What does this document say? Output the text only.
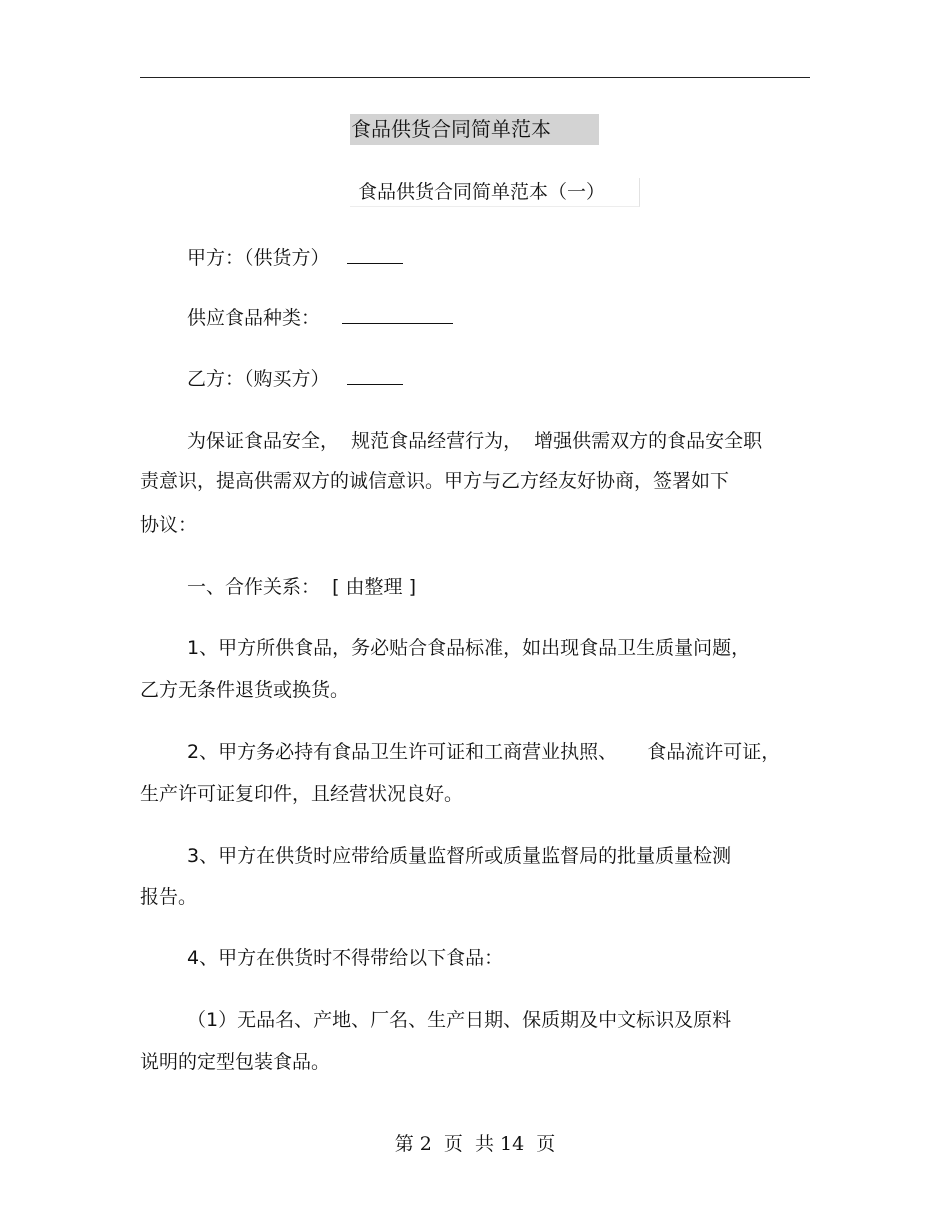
食品供货合同简单范本
食品供货合同简单范本（一）
甲方：（供货方）
供应食品种类：
乙方：（购买方）
为保证食品安全，  规范食品经营行为，  增强供需双方的食品安全职
责意识，提高供需双方的诚信意识。甲方与乙方经友好协商，签署如下
协议：
一、合作关系：  [ 由整理 ]
1、甲方所供食品，务必贴合食品标准，如出现食品卫生质量问题，
乙方无条件退货或换货。
2、甲方务必持有食品卫生许可证和工商营业执照、     食品流许可证，
生产许可证复印件，且经营状况良好。
3、甲方在供货时应带给质量监督所或质量监督局的批量质量检测
报告。
4、甲方在供货时不得带给以下食品：
（1）无品名、产地、厂名、生产日期、保质期及中文标识及原料
说明的定型包装食品。
第 2  页  共 14  页
